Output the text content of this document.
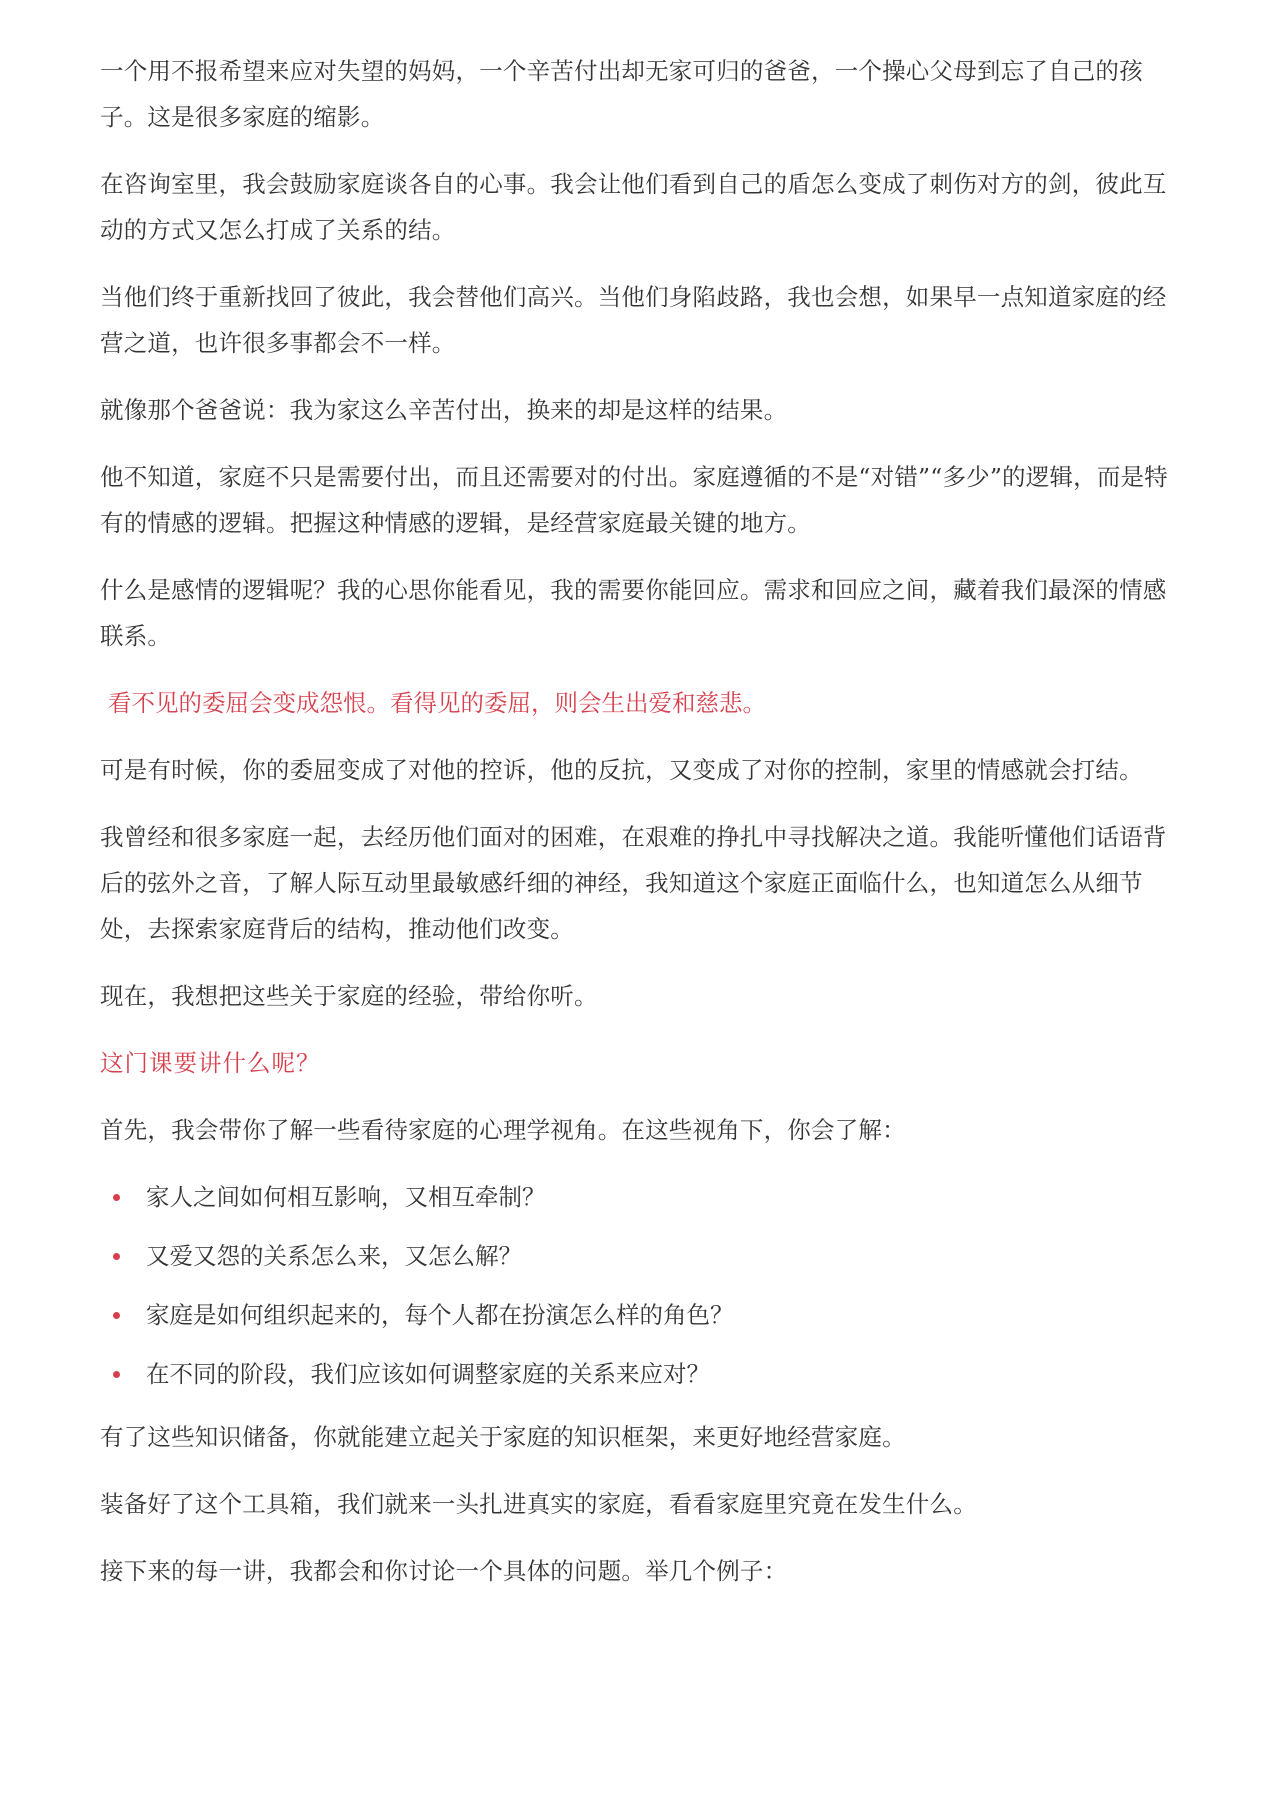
一个用不报希望来应对失望的妈妈，一个辛苦付出却无家可归的爸爸，一个操心父母到忘了自己的孩子。这是很多家庭的缩影。

在咨询室里，我会鼓励家庭谈各自的心事。我会让他们看到自己的盾怎么变成了刺伤对方的剑，彼此互动的方式又怎么打成了关系的结。

当他们终于重新找回了彼此，我会替他们高兴。当他们身陷歧路，我也会想，如果早一点知道家庭的经营之道，也许很多事都会不一样。

就像那个爸爸说：我为家这么辛苦付出，换来的却是这样的结果。

他不知道，家庭不只是需要付出，而且还需要对的付出。家庭遵循的不是“对错”“多少”的逻辑，而是特有的情感的逻辑。把握这种情感的逻辑，是经营家庭最关键的地方。

什么是感情的逻辑呢？我的心思你能看见，我的需要你能回应。需求和回应之间，藏着我们最深的情感联系。

看不见的委屈会变成怨恨。看得见的委屈，则会生出爱和慈悲。

可是有时候，你的委屈变成了对他的控诉，他的反抗，又变成了对你的控制，家里的情感就会打结。

我曾经和很多家庭一起，去经历他们面对的困难，在艰难的挣扎中寻找解决之道。我能听懂他们话语背后的弦外之音，了解人际互动里最敏感纤细的神经，我知道这个家庭正面临什么，也知道怎么从细节处，去探索家庭背后的结构，推动他们改变。

现在，我想把这些关于家庭的经验，带给你听。

这门课要讲什么呢？

首先，我会带你了解一些看待家庭的心理学视角。在这些视角下，你会了解：

家人之间如何相互影响，又相互牵制？
又爱又怨的关系怎么来，又怎么解？
家庭是如何组织起来的，每个人都在扮演怎么样的角色？
在不同的阶段，我们应该如何调整家庭的关系来应对？

有了这些知识储备，你就能建立起关于家庭的知识框架，来更好地经营家庭。

装备好了这个工具箱，我们就来一头扎进真实的家庭，看看家庭里究竟在发生什么。

接下来的每一讲，我都会和你讨论一个具体的问题。举几个例子：
